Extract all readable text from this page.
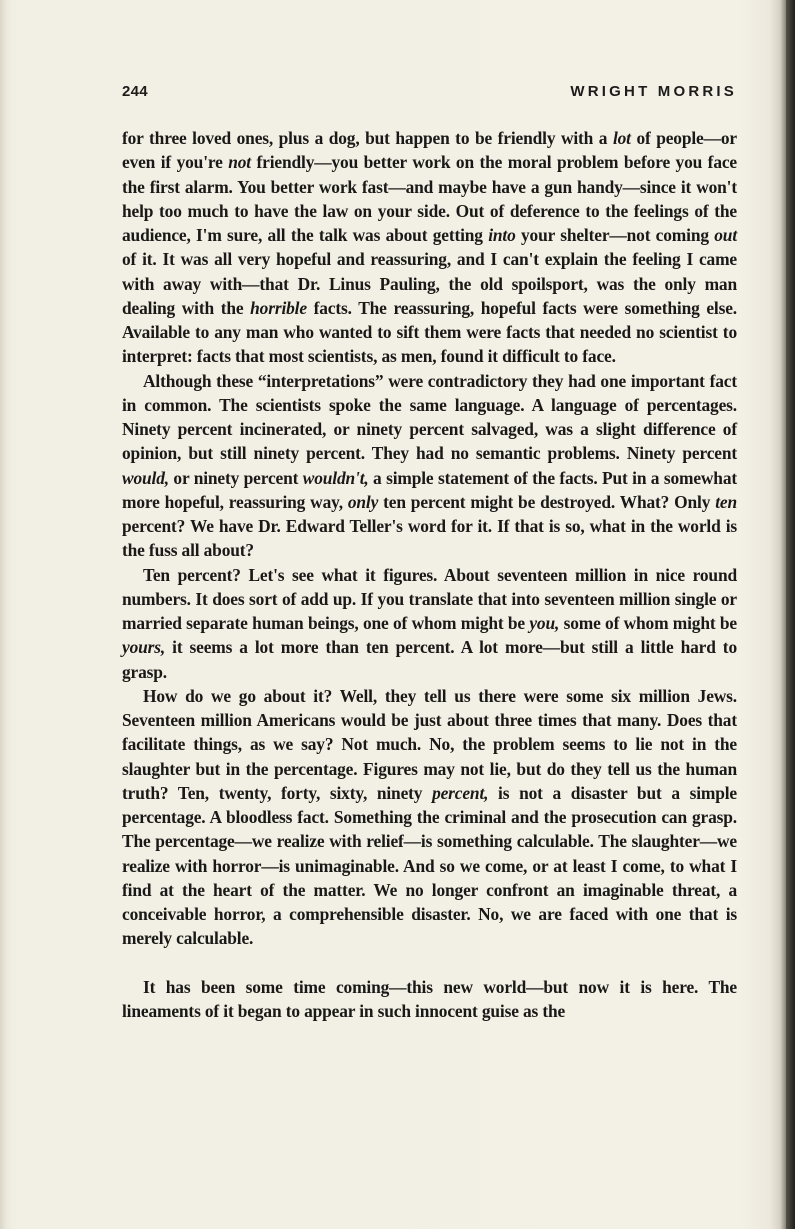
244	WRIGHT MORRIS

for three loved ones, plus a dog, but happen to be friendly with a lot of people—or even if you're not friendly—you better work on the moral problem before you face the first alarm. You better work fast—and maybe have a gun handy—since it won't help too much to have the law on your side. Out of deference to the feelings of the audience, I'm sure, all the talk was about getting into your shelter—not coming out of it. It was all very hopeful and reassuring, and I can't explain the feeling I came with away with—that Dr. Linus Pauling, the old spoilsport, was the only man dealing with the horrible facts. The reassuring, hopeful facts were something else. Available to any man who wanted to sift them were facts that needed no scientist to interpret: facts that most scientists, as men, found it difficult to face.

Although these “interpretations” were contradictory they had one important fact in common. The scientists spoke the same language. A language of percentages. Ninety percent incinerated, or ninety percent salvaged, was a slight difference of opinion, but still ninety percent. They had no semantic problems. Ninety percent would, or ninety percent wouldn't, a simple statement of the facts. Put in a somewhat more hopeful, reassuring way, only ten percent might be destroyed. What? Only ten percent? We have Dr. Edward Teller's word for it. If that is so, what in the world is the fuss all about?

Ten percent? Let's see what it figures. About seventeen million in nice round numbers. It does sort of add up. If you translate that into seventeen million single or married separate human beings, one of whom might be you, some of whom might be yours, it seems a lot more than ten percent. A lot more—but still a little hard to grasp.

How do we go about it? Well, they tell us there were some six million Jews. Seventeen million Americans would be just about three times that many. Does that facilitate things, as we say? Not much. No, the problem seems to lie not in the slaughter but in the percentage. Figures may not lie, but do they tell us the human truth? Ten, twenty, forty, sixty, ninety percent, is not a disaster but a simple percentage. A bloodless fact. Something the criminal and the prosecution can grasp. The percentage—we realize with relief—is something calculable. The slaughter—we realize with horror—is unimaginable. And so we come, or at least I come, to what I find at the heart of the matter. We no longer confront an imaginable threat, a conceivable horror, a comprehensible disaster. No, we are faced with one that is merely calculable.

It has been some time coming—this new world—but now it is here. The lineaments of it began to appear in such innocent guise as the
